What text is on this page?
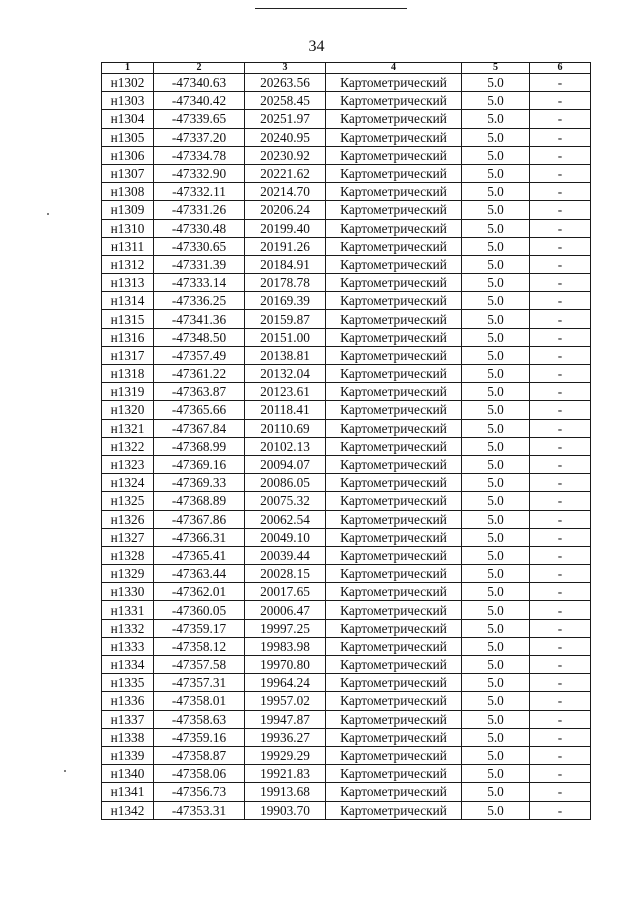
34
1	2	3	4	5	6
н1302	-47340.63	20263.56	Картометрический	5.0	-
н1303	-47340.42	20258.45	Картометрический	5.0	-
н1304	-47339.65	20251.97	Картометрический	5.0	-
н1305	-47337.20	20240.95	Картометрический	5.0	-
н1306	-47334.78	20230.92	Картометрический	5.0	-
н1307	-47332.90	20221.62	Картометрический	5.0	-
н1308	-47332.11	20214.70	Картометрический	5.0	-
н1309	-47331.26	20206.24	Картометрический	5.0	-
н1310	-47330.48	20199.40	Картометрический	5.0	-
н1311	-47330.65	20191.26	Картометрический	5.0	-
н1312	-47331.39	20184.91	Картометрический	5.0	-
н1313	-47333.14	20178.78	Картометрический	5.0	-
н1314	-47336.25	20169.39	Картометрический	5.0	-
н1315	-47341.36	20159.87	Картометрический	5.0	-
н1316	-47348.50	20151.00	Картометрический	5.0	-
н1317	-47357.49	20138.81	Картометрический	5.0	-
н1318	-47361.22	20132.04	Картометрический	5.0	-
н1319	-47363.87	20123.61	Картометрический	5.0	-
н1320	-47365.66	20118.41	Картометрический	5.0	-
н1321	-47367.84	20110.69	Картометрический	5.0	-
н1322	-47368.99	20102.13	Картометрический	5.0	-
н1323	-47369.16	20094.07	Картометрический	5.0	-
н1324	-47369.33	20086.05	Картометрический	5.0	-
н1325	-47368.89	20075.32	Картометрический	5.0	-
н1326	-47367.86	20062.54	Картометрический	5.0	-
н1327	-47366.31	20049.10	Картометрический	5.0	-
н1328	-47365.41	20039.44	Картометрический	5.0	-
н1329	-47363.44	20028.15	Картометрический	5.0	-
н1330	-47362.01	20017.65	Картометрический	5.0	-
н1331	-47360.05	20006.47	Картометрический	5.0	-
н1332	-47359.17	19997.25	Картометрический	5.0	-
н1333	-47358.12	19983.98	Картометрический	5.0	-
н1334	-47357.58	19970.80	Картометрический	5.0	-
н1335	-47357.31	19964.24	Картометрический	5.0	-
н1336	-47358.01	19957.02	Картометрический	5.0	-
н1337	-47358.63	19947.87	Картометрический	5.0	-
н1338	-47359.16	19936.27	Картометрический	5.0	-
н1339	-47358.87	19929.29	Картометрический	5.0	-
н1340	-47358.06	19921.83	Картометрический	5.0	-
н1341	-47356.73	19913.68	Картометрический	5.0	-
н1342	-47353.31	19903.70	Картометрический	5.0	-
